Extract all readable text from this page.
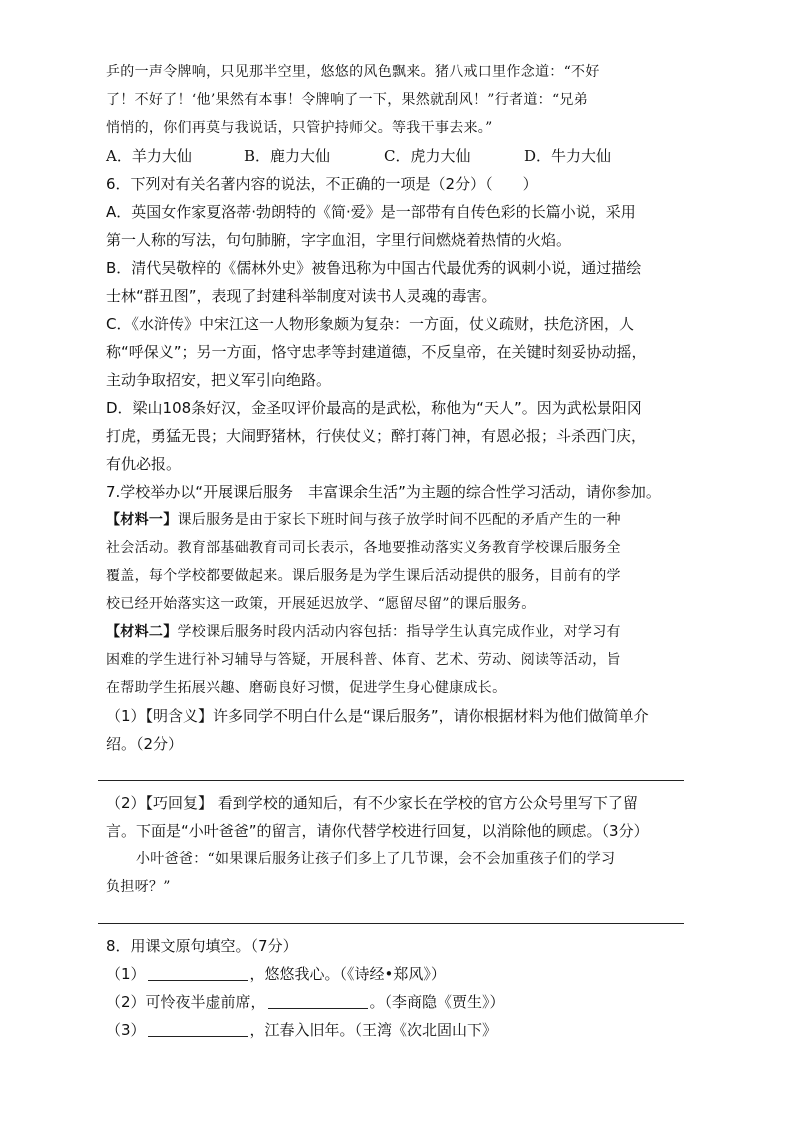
乒的一声令牌响，只见那半空里，悠悠的风色飘来。猪八戒口里作念道：“不好

了！不好了！‘他’果然有本事！令牌响了一下，果然就刮风！”行者道：“兄弟

悄悄的，你们再莫与我说话，只管护持师父。等我干事去来。”

A．羊力大仙	B．鹿力大仙	C．虎力大仙	D．牛力大仙

6．下列对有关名著内容的说法，不正确的一项是（2分）（　　）

A．英国女作家夏洛蒂·勃朗特的《简·爱》是一部带有自传色彩的长篇小说，采用

第一人称的写法，句句肺腑，字字血泪，字里行间燃烧着热情的火焰。

B．清代吴敬梓的《儒林外史》被鲁迅称为中国古代最优秀的讽刺小说，通过描绘

士林“群丑图”，表现了封建科举制度对读书人灵魂的毒害。

C．《水浒传》中宋江这一人物形象颇为复杂：一方面，仗义疏财，扶危济困，人

称“呼保义”；另一方面，恪守忠孝等封建道德，不反皇帝，在关键时刻妥协动摇，

主动争取招安，把义军引向绝路。

D．梁山108条好汉，金圣叹评价最高的是武松，称他为“天人”。因为武松景阳冈

打虎，勇猛无畏；大闹野猪林，行侠仗义；醉打蒋门神，有恩必报；斗杀西门庆，

有仇必报。

7.学校举办以“开展课后服务　丰富课余生活”为主题的综合性学习活动，请你参加。

【材料一】课后服务是由于家长下班时间与孩子放学时间不匹配的矛盾产生的一种

社会活动。教育部基础教育司司长表示，各地要推动落实义务教育学校课后服务全

覆盖，每个学校都要做起来。课后服务是为学生课后活动提供的服务，目前有的学

校已经开始落实这一政策，开展延迟放学、“愿留尽留”的课后服务。

【材料二】学校课后服务时段内活动内容包括：指导学生认真完成作业，对学习有

困难的学生进行补习辅导与答疑，开展科普、体育、艺术、劳动、阅读等活动，旨

在帮助学生拓展兴趣、磨砺良好习惯，促进学生身心健康成长。

（1）【明含义】许多同学不明白什么是“课后服务”，请你根据材料为他们做简单介

绍。（2分）

（2）【巧回复】 看到学校的通知后，有不少家长在学校的官方公众号里写下了留

言。下面是“小叶爸爸”的留言，请你代替学校进行回复，以消除他的顾虑。（3分）

小叶爸爸：“如果课后服务让孩子们多上了几节课，会不会加重孩子们的学习

负担呀？”

8．用课文原句填空。（7分）

（1）	，悠悠我心。（《诗经•郑风》）

（2）可怜夜半虚前席，	。（李商隐《贾生》）

（3）	，江春入旧年。（王湾《次北固山下》
